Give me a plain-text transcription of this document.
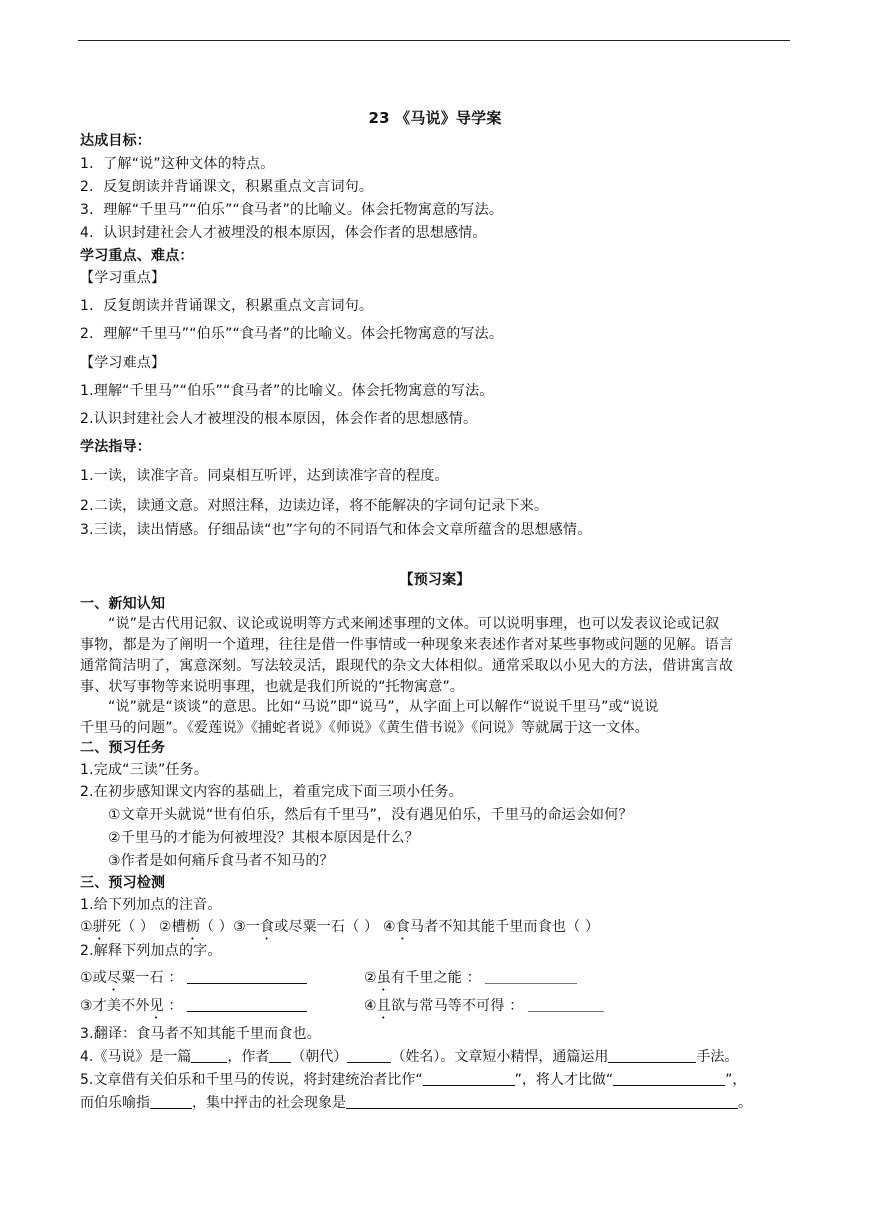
23 《马说》导学案
达成目标：
1．了解“说”这种文体的特点。
2．反复朗读并背诵课文，积累重点文言词句。
3．理解“千里马”“伯乐”“食马者”的比喻义。体会托物寓意的写法。
4．认识封建社会人才被埋没的根本原因，体会作者的思想感情。
学习重点、难点：
【学习重点】
1．反复朗读并背诵课文，积累重点文言词句。
2．理解“千里马”“伯乐”“食马者”的比喻义。体会托物寓意的写法。
【学习难点】
1.理解“千里马”“伯乐”“食马者”的比喻义。体会托物寓意的写法。
2.认识封建社会人才被埋没的根本原因，体会作者的思想感情。
学法指导：
1.一读，读准字音。同桌相互听评，达到读准字音的程度。
2.二读，读通文意。对照注释，边读边译，将不能解决的字词句记录下来。
3.三读，读出情感。仔细品读“也”字句的不同语气和体会文章所蕴含的思想感情。
【预习案】
一、新知认知
“说”是古代用记叙、议论或说明等方式来阐述事理的文体。可以说明事理，也可以发表议论或记叙
事物，都是为了阐明一个道理，往往是借一件事情或一种现象来表述作者对某些事物或问题的见解。语言
通常简洁明了，寓意深刻。写法较灵活，跟现代的杂文大体相似。通常采取以小见大的方法，借讲寓言故
事、状写事物等来说明事理，也就是我们所说的“托物寓意”。
“说”就是“谈谈”的意思。比如“马说”即“说马”，从字面上可以解作“说说千里马”或“说说
千里马的问题”。《爱莲说》《捕蛇者说》《师说》《黄生借书说》《问说》等就属于这一文体。
二、预习任务
1.完成“三读”任务。
2.在初步感知课文内容的基础上，着重完成下面三项小任务。
①文章开头就说“世有伯乐，然后有千里马”，没有遇见伯乐，千里马的命运会如何？
②千里马的才能为何被埋没？其根本原因是什么？
③作者是如何痛斥食马者不知马的？
三、预习检测
1.给下列加点的注音。
①骈死（ ） ②槽枥（ ）③一食或尽粟一石（ ） ④食马者不知其能千里而食也（ ）
2.解释下列加点的字。
①或尽粟一石 ：	②虽有千里之能 ：
③才美不外见 ：	④且欲与常马等不可得 ：
3.翻译：食马者不知其能千里而食也。
4.《马说》是一篇	，作者 （朝代）	（姓名）。文章短小精悍，通篇运用	手法。
5.文章借有关伯乐和千里马的传说，将封建统治者比作“	”，将人才比做“	”，
而伯乐喻指	，集中抨击的社会现象是	。
